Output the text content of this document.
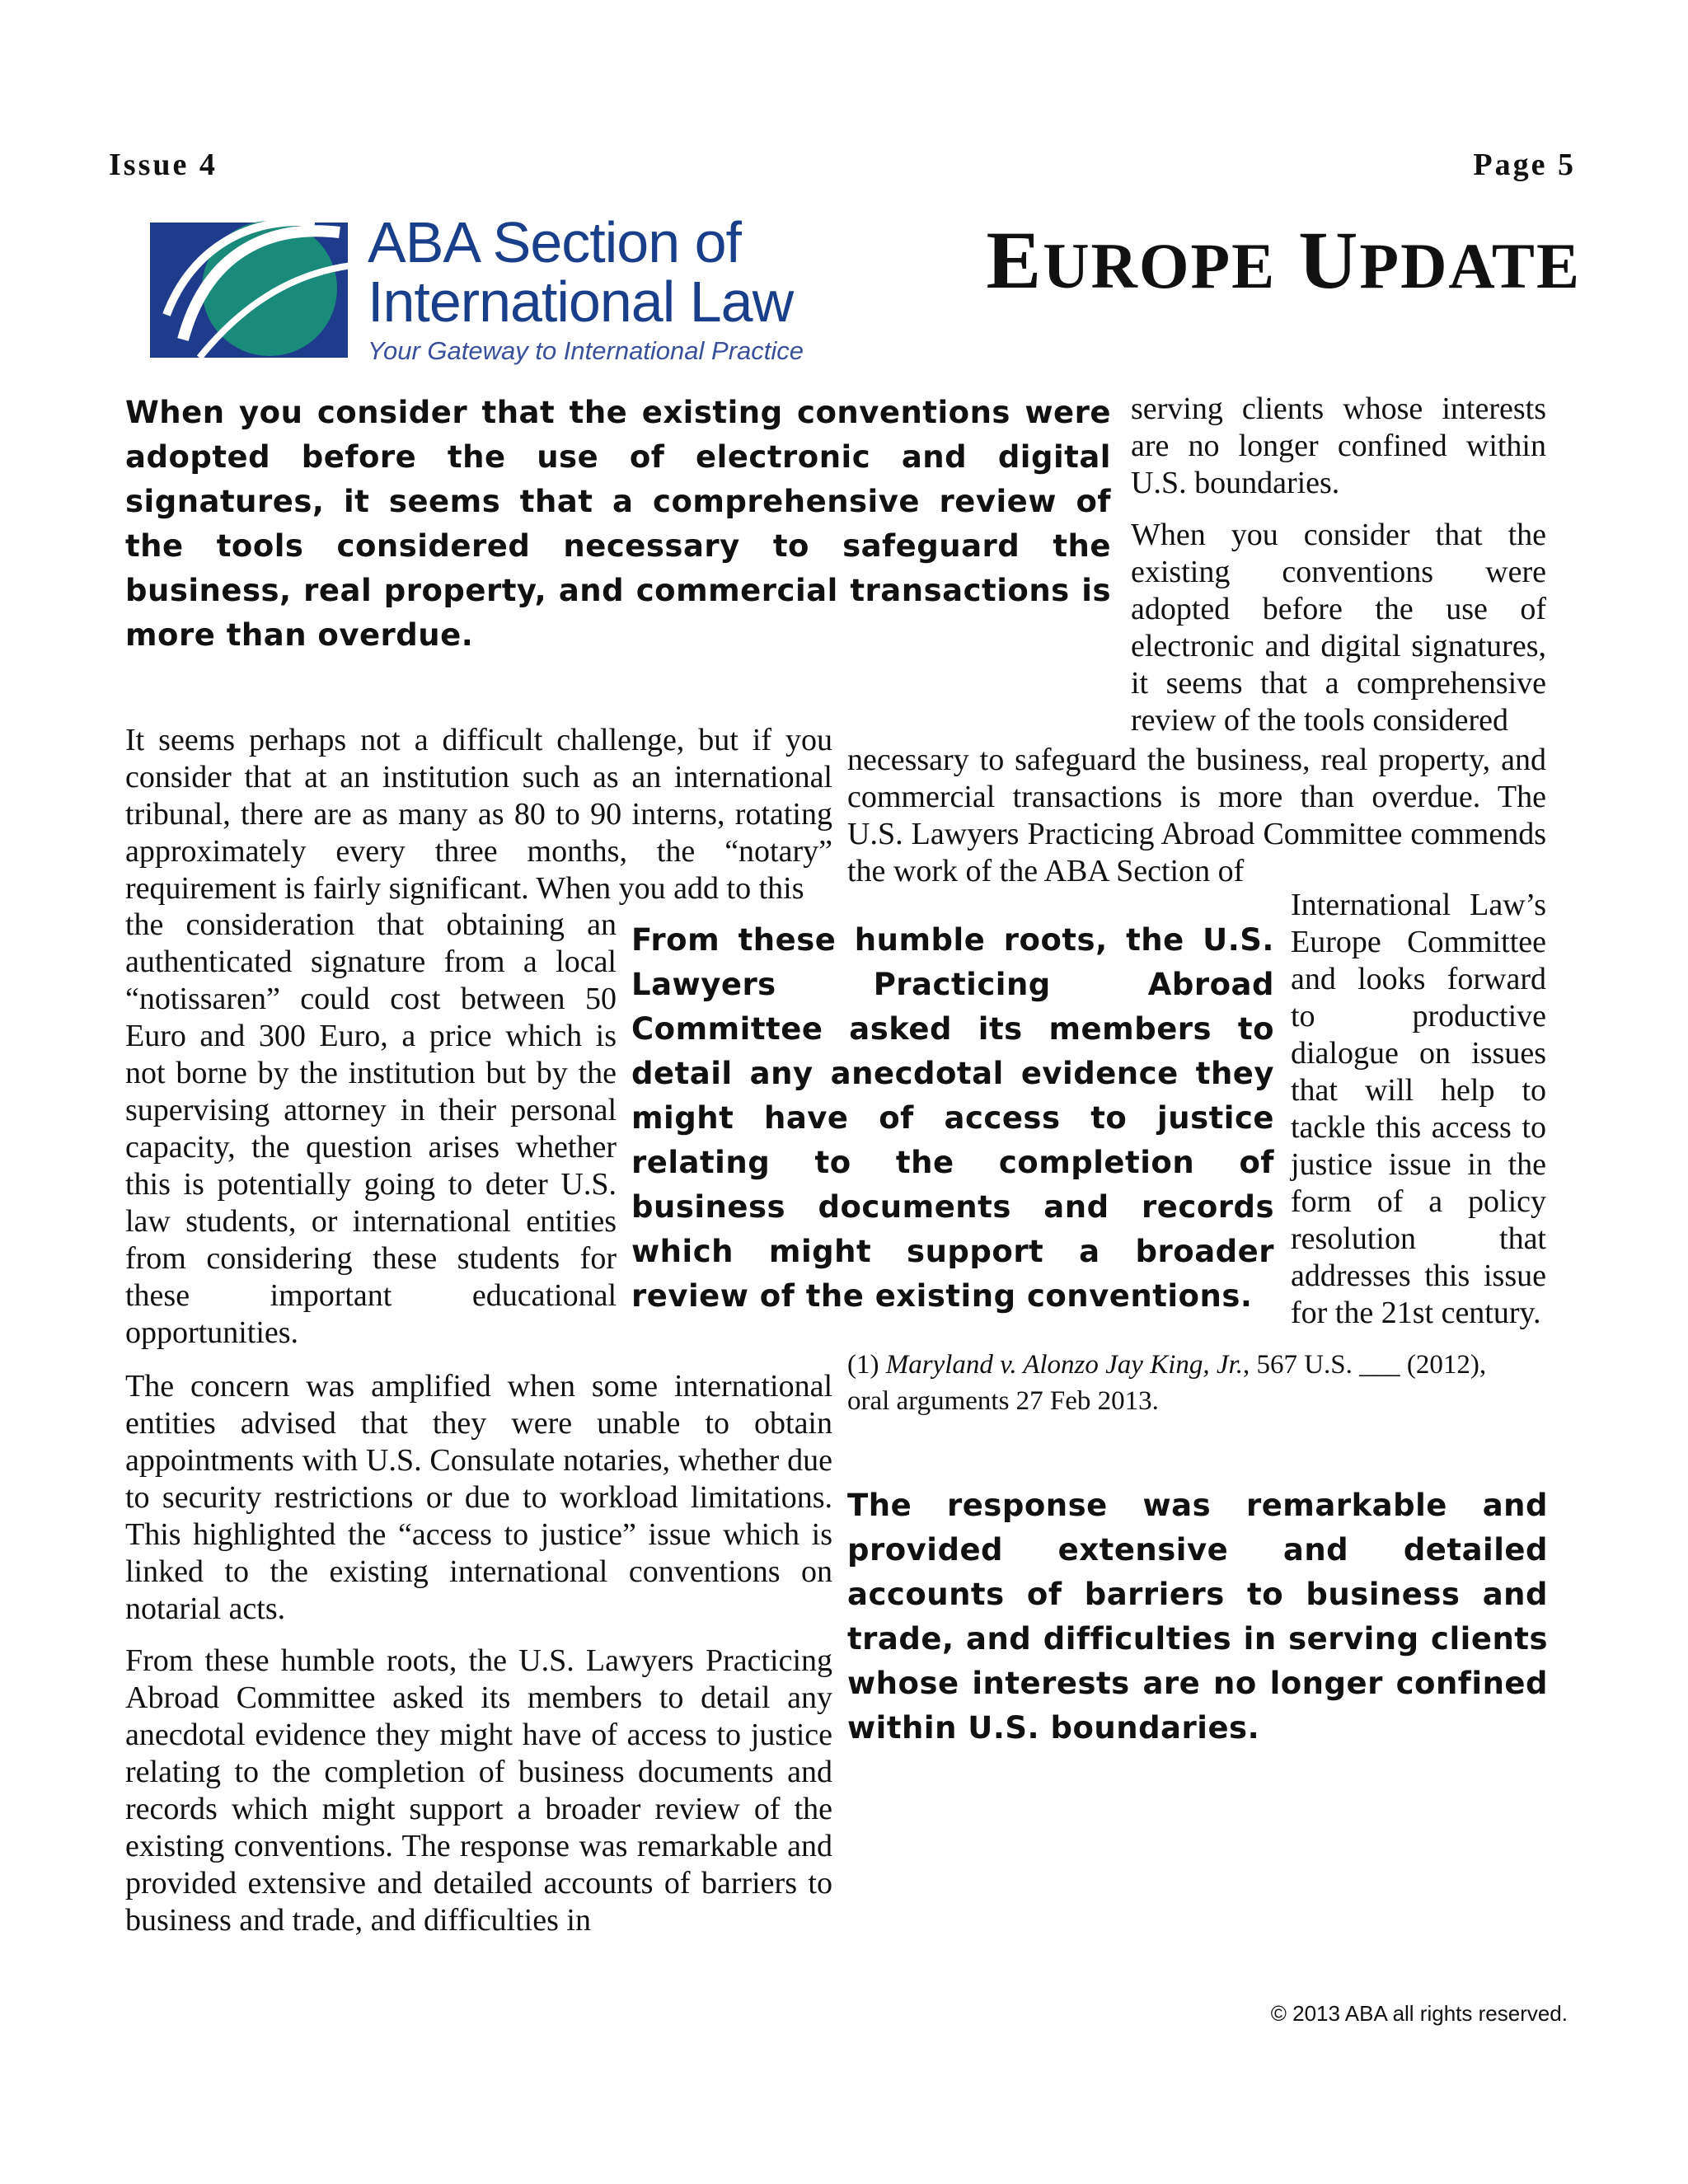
Issue 4	Page 5
ABA Section of
International Law
Your Gateway to International Practice
EUROPE UPDATE
When you consider that the existing conventions were adopted before the use of electronic and digital signatures, it seems that a comprehensive review of the tools considered necessary to safeguard the business, real property, and commercial transactions is more than overdue.

serving clients whose interests are no longer confined within U.S. boundaries.

When you consider that the existing conventions were adopted before the use of electronic and digital signatures, it seems that a comprehensive review of the tools considered

necessary to safeguard the business, real property, and commercial transactions is more than overdue. The U.S. Lawyers Practicing Abroad Committee commends the work of the ABA Section of
It seems perhaps not a difficult challenge, but if you consider that at an institution such as an international tribunal, there are as many as 80 to 90 interns, rotating approximately every three months, the “notary” requirement is fairly significant. When you add to this
the consideration that obtaining an authenticated signature from a local “notissaren” could cost between 50 Euro and 300 Euro, a price which is not borne by the institution but by the supervising attorney in their personal capacity, the question arises whether this is potentially going to deter U.S. law students, or international entities from considering these students for these important educational opportunities.

The concern was amplified when some international entities advised that they were unable to obtain appointments with U.S. Consulate notaries, whether due to security restrictions or due to workload limitations. This highlighted the “access to justice” issue which is linked to the existing international conventions on notarial acts.

From these humble roots, the U.S. Lawyers Practicing Abroad Committee asked its members to detail any anecdotal evidence they might have of access to justice relating to the completion of business documents and records which might support a broader review of the existing conventions. The response was remarkable and provided extensive and detailed accounts of barriers to business and trade, and difficulties in

From these humble roots, the U.S. Lawyers Practicing Abroad Committee asked its members to detail any anecdotal evidence they might have of access to justice relating to the completion of business documents and records which might support a broader review of the existing conventions.
International Law’s Europe Committee and looks forward to productive dialogue on issues that will help to tackle this access to justice issue in the form of a policy resolution that addresses this issue for the 21st century.
(1) Maryland v. Alonzo Jay King, Jr., 567 U.S. ___ (2012),
oral arguments 27 Feb 2013.
The response was remarkable and provided extensive and detailed accounts of barriers to business and trade, and difficulties in serving clients whose interests are no longer confined within U.S. boundaries.
© 2013 ABA all rights reserved.
